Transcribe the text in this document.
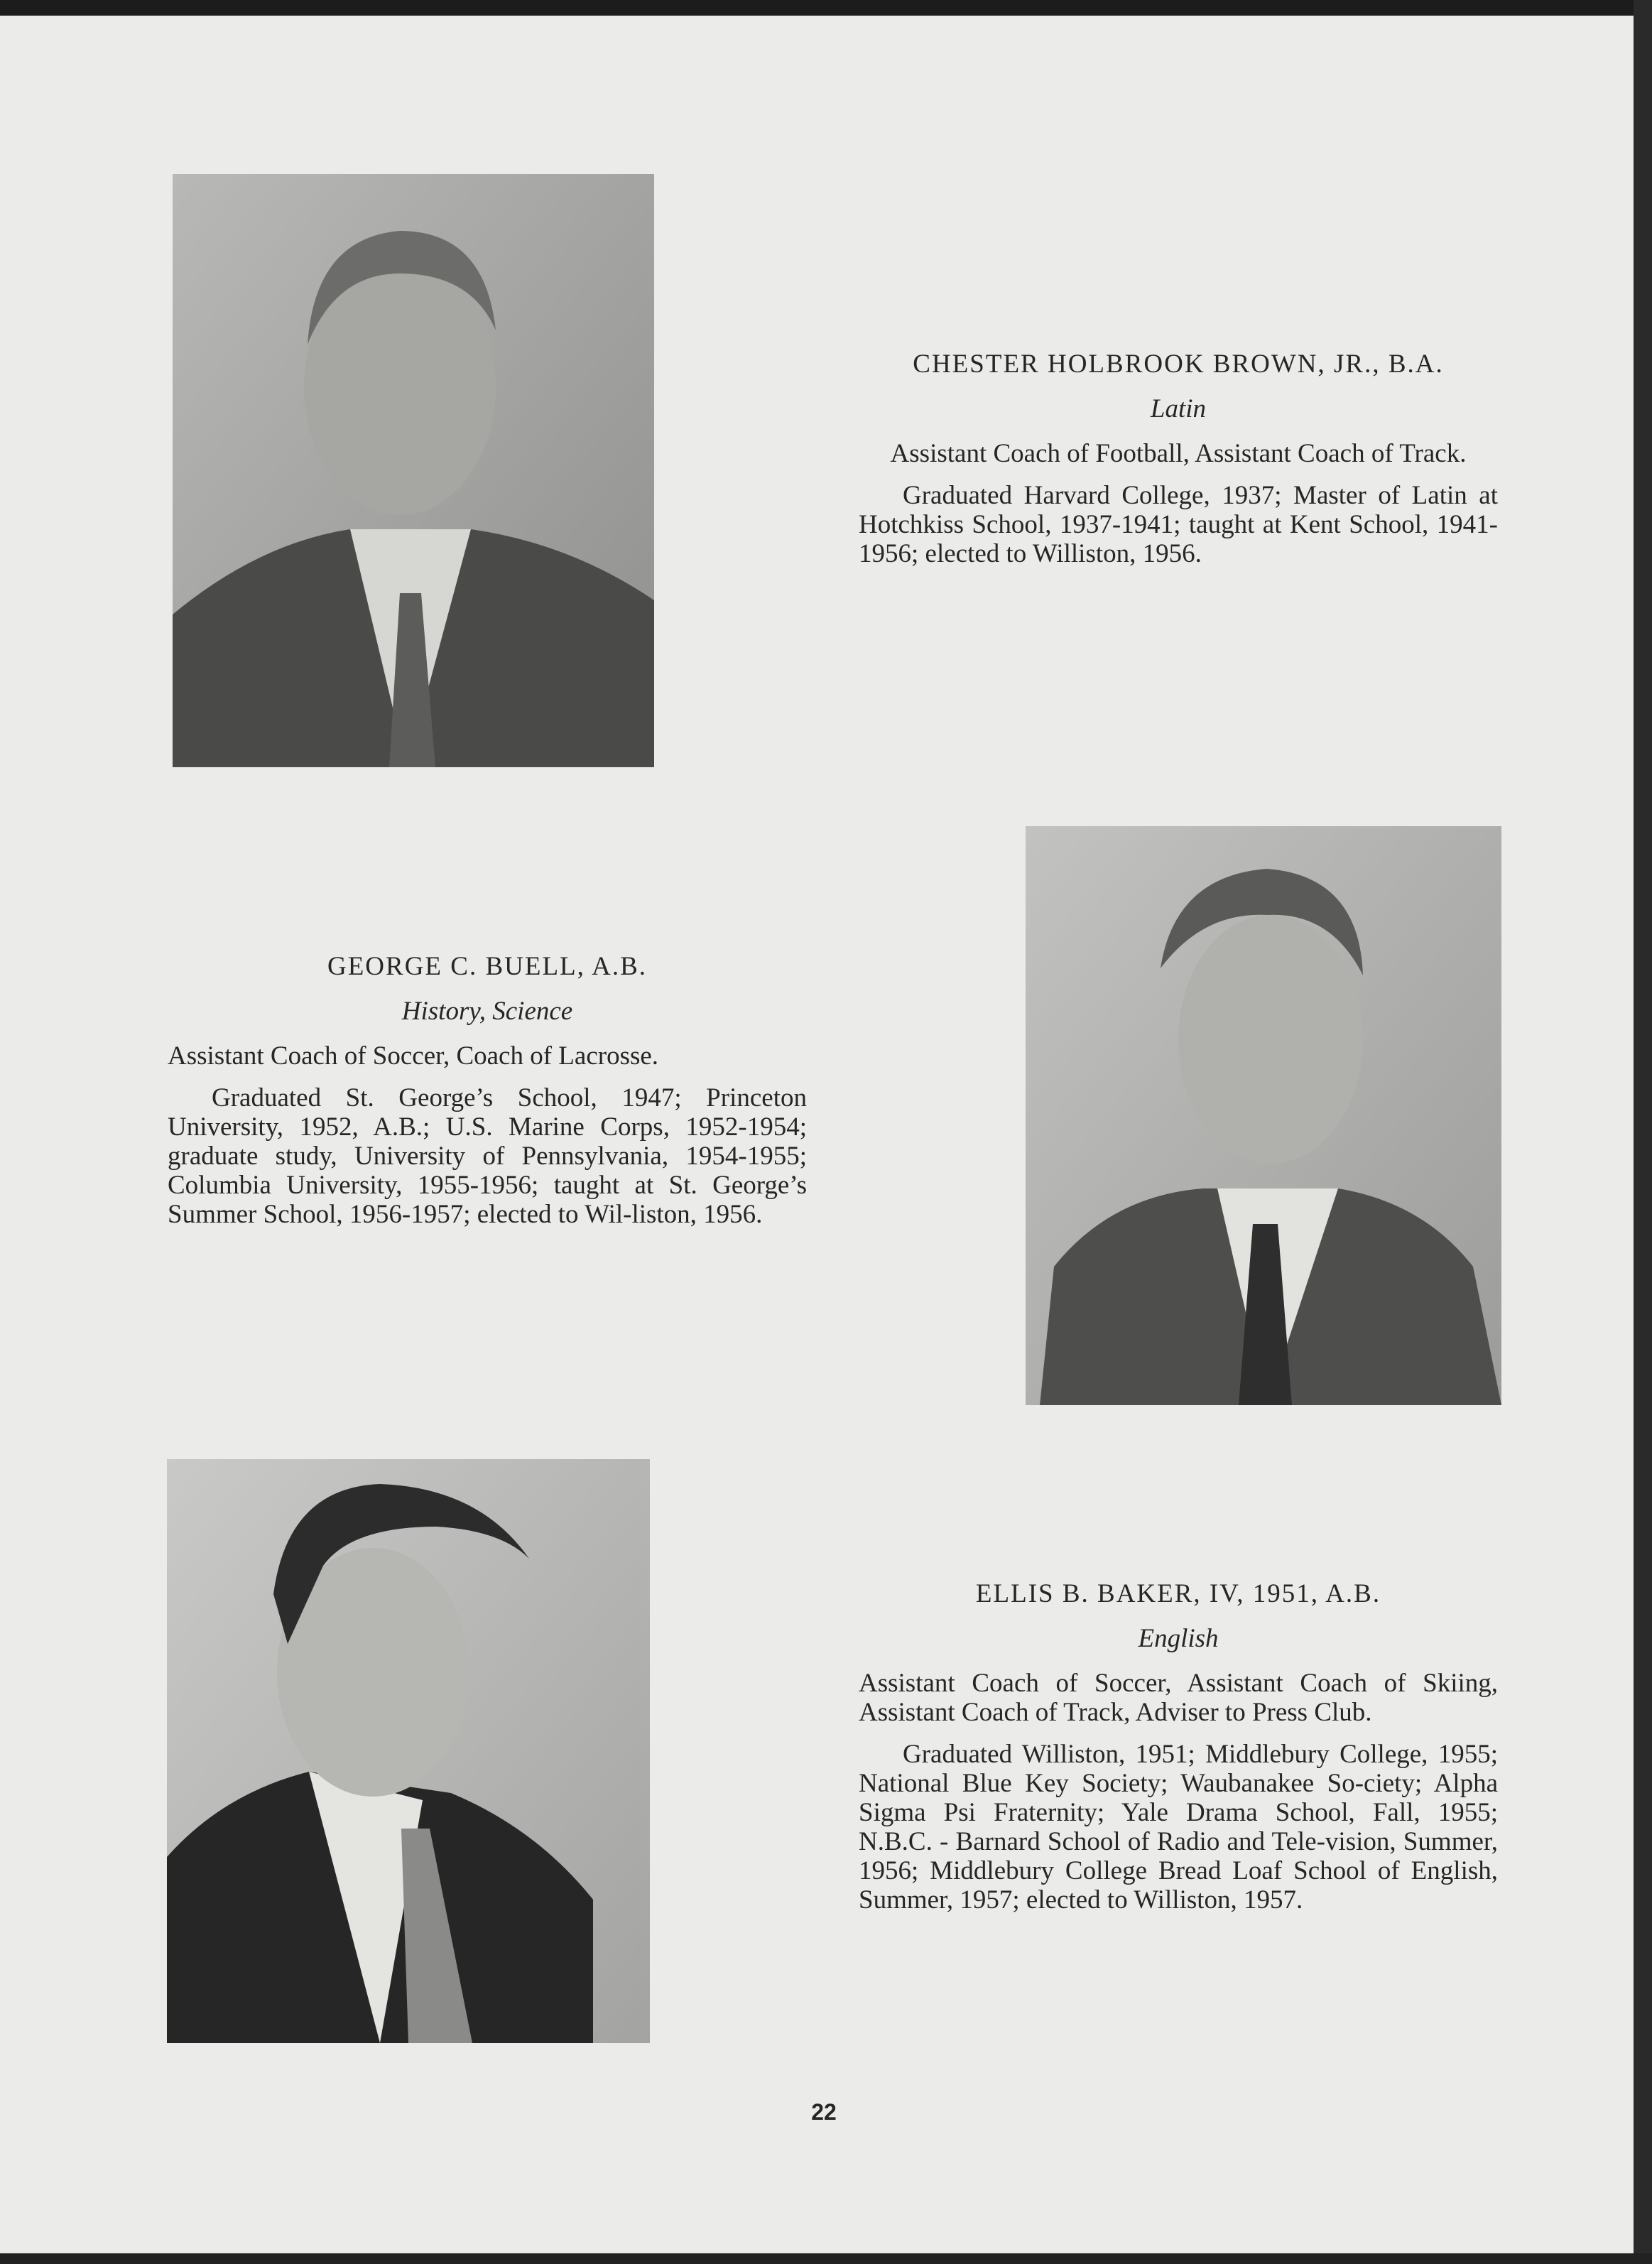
CHESTER HOLBROOK BROWN, JR., B.A.

Latin

Assistant Coach of Football, Assistant Coach of Track.

Graduated Harvard College, 1937; Master of Latin at Hotchkiss School, 1937-1941; taught at Kent School, 1941-1956; elected to Williston, 1956.

GEORGE C. BUELL, A.B.

History, Science

Assistant Coach of Soccer, Coach of Lacrosse.

Graduated St. George’s School, 1947; Princeton University, 1952, A.B.; U.S. Marine Corps, 1952-1954; graduate study, University of Pennsylvania, 1954-1955; Columbia University, 1955-1956; taught at St. George’s Summer School, 1956-1957; elected to Wil-liston, 1956.

ELLIS B. BAKER, IV, 1951, A.B.

English

Assistant Coach of Soccer, Assistant Coach of Skiing, Assistant Coach of Track, Adviser to Press Club.

Graduated Williston, 1951; Middlebury College, 1955; National Blue Key Society; Waubanakee So-ciety; Alpha Sigma Psi Fraternity; Yale Drama School, Fall, 1955; N.B.C. - Barnard School of Radio and Tele-vision, Summer, 1956; Middlebury College Bread Loaf School of English, Summer, 1957; elected to Williston, 1957.

22
